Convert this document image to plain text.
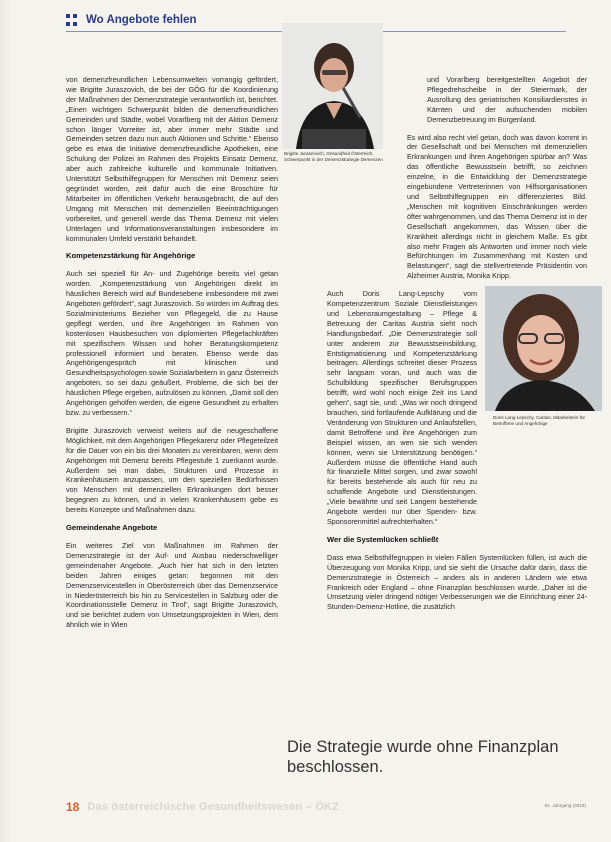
Wo Angebote fehlen
Brigitte Juraszovich, Gesundheit Österreich, Schwerpunkt in der Demenzstrategie Demenzen
Doris Lang-Lepschy, Caritas, Mitarbeiterin für Betroffene und Angehörige

von demenzfreundlichen Lebensumwelten vorrangig gefördert, wie Brigitte Juraszovich, die bei der GÖG für die Koordinierung der Maßnahmen der Demenzstrategie verantwortlich ist, berichtet. „Einen wichtigen Schwerpunkt bilden die demenzfreundlichen Gemeinden und Städte, wobel Vorarlberg mit der Aktion Demenz schon länger Vorreiter ist, aber immer mehr Städte und Gemeinden setzen dazu nun auch Aktionen und Schritte.“ Ebenso gebe es etwa die Initiative demenzfreundliche Apotheken, eine Schulung der Polizei im Rahmen des Projekts Einsatz Demenz, aber auch zahlreiche kulturelle und kommunale Initiativen. Unterstützt Selbsthilfegruppen für Menschen mit Demenz seien gegründet worden, zeit dafür auch die eine Broschüre für Mitarbeiter im öffentlichen Verkehr herausgebracht, die auf den Umgang mit Menschen mit demenziellen Beeinträchtigungen vorbereitet, und generell werde das Thema Demenz mit vielen Unterlagen und Informationsveranstaltungen insbesondere im kommunalen Umfeld verstärkt behandelt.

Kompetenzstärkung für Angehörige

Auch sei speziell für An- und Zugehörige bereits viel getan worden. „Kompetenzstärkung von Angehörigen direkt im häuslichen Bereich wird auf Bundesebene insbesondere mit zwei Angeboten gefördert“, sagt Juraszovich. So würden im Auftrag des Sozialministeriums Bezieher von Pflegegeld, die zu Hause gepflegt werden, und ihre Angehörigen im Rahmen von kostenlosen Hausbesuchen von diplomierten Pflegefachkräften mit spezifischem Wissen und hoher Beratungskompetenz professionell informiert und beraten. Ebenso werde das Angehörigengespräch mit klinischen und Gesundheitspsychologen sowie Sozialarbeitern in ganz Österreich angeboten, so sei dazu geäußert, Probleme, die sich bei der häuslichen Pflege ergeben, aufzulösen zu können. „Damit soll den Angehörigen geholfen werden, die eigene Gesundheit zu erhalten bzw. zu verbessern.“

Brigitte Juraszovich verweist weiters auf die neugeschaffene Möglichkeit, mit dem Angehörigen Pflegekarenz oder Pflegeteilzeit für die Dauer von ein bis drei Monaten zu vereinbaren, wenn dem Angehörigen mit Demenz bereits Pflegestufe 1 zuerkannt wurde. Außerdem sei man dabei, Strukturen und Prozesse in Krankenhäusern anzupassen, um den speziellen Bedürfnissen von Menschen mit demenziellen Erkrankungen dort besser begegnen zu können, und in vielen Krankenhäusern gebe es bereits Konzepte und Maßnahmen dazu.

Gemeindenahe Angebote

Ein weiteres Ziel von Maßnahmen im Rahmen der Demenzstrategie ist der Auf- und Ausbau niederschwelliger gemeindenaher Angebote. „Auch hier hat sich in den letzten beiden Jahren einiges getan: begonnen mit den Demenzservicestellen in Oberösterreich über das Demenzservice in Niederösterreich bis hin zu Servicestellen in Salzburg oder die Koordinationsstelle Demenz in Tirol“, sagt Brigitte Juraszovich, und sie berichtet zudem von Umsetzungsprojekten in Wien, dem ähnlich wie in Wien

und Vorarlberg bereitgestellten Angebot der Pflegedrehscheibe in der Steiermark, der Ausrollung des geriatrischen Konsiliardienstes in Kärnten und der aufsuchenden mobilen Demenzbetreuung im Burgenland.

Es wird also recht viel getan, doch was davon kommt in der Gesellschaft und bei Menschen mit demenziellen Erkrankungen und ihren Angehörigen spürbar an? Was das öffentliche Bewusstsein betrifft, so zeichnen einzelne, in die Entwicklung der Demenzstrategie eingebundene Vertreterinnen von Hilfsorganisationen und Selbsthilfegruppen ein differenziertes Bild. „Menschen mit kognitiven Einschränkungen werden öfter wahrgenommen, und das Thema Demenz ist in der Gesellschaft angekommen, das Wissen über die Krankheit allerdings nicht in gleichem Maße. Es gibt also mehr Fragen als Antworten und immer noch viele Befürchtungen im Zusammenhang mit Kosten und Belastungen“, sagt die stellvertretende Präsidentin von Alzheimer Austria, Monika Kripp.

Auch Doris Lang-Lepschy vom Kompetenzzentrum Soziale Dienstleistungen und Lebensraumgestaltung – Pflege & Betreuung der Caritas Austria sieht noch Handlungsbedarf. „Die Demenzstrategie soll unter anderem zur Bewusstseinsbildung, Entstigmatisierung und Kompetenzstärkung beitragen. Allerdings schreitet dieser Prozess sehr langsam voran, und auch was die Schulbildung spezifischer Berufsgruppen betrifft, wird wohl noch einige Zeit ins Land gehen“, sagt sie, und: „Was wir noch dringend brauchen, sind fortlaufende Aufklärung und die Veränderung von Strukturen und Anlaufstellen, damit Betroffene und ihre Angehörigen zum Beispiel wissen, an wen sie sich wenden können, wenn sie Unterstützung benötigen.“ Außerdem müsse die öffentliche Hand auch für finanzielle Mittel sorgen, und zwar sowohl für bereits bestehende als auch für neu zu schaffende Angebote und Dienstleistungen. „Viele bewährte und seit Langem bestehende Angebote werden nur über Spenden- bzw. Sponsorenmittel aufrechterhalten.“

Wer die Systemlücken schließt

Dass etwa Selbsthilfegruppen in vielen Fällen Systemlücken füllen, ist auch die Überzeugung von Monika Kripp, und sie sieht die Ursache dafür darin, dass die Demenzstrategie in Österreich – anders als in anderen Ländern wie etwa Frankreich oder England – ohne Finanzplan beschlossen wurde. „Daher ist die Umsetzung vieler dringend nötiger Verbesserungen wie die Einrichtung einer 24-Stunden-Demenz-Hotline, die zusätzlich

Die Strategie wurde ohne Finanzplan beschlossen.
18 Das österreichische Gesundheitswesen – ÖKZ	61. Jahrgang (2019)
